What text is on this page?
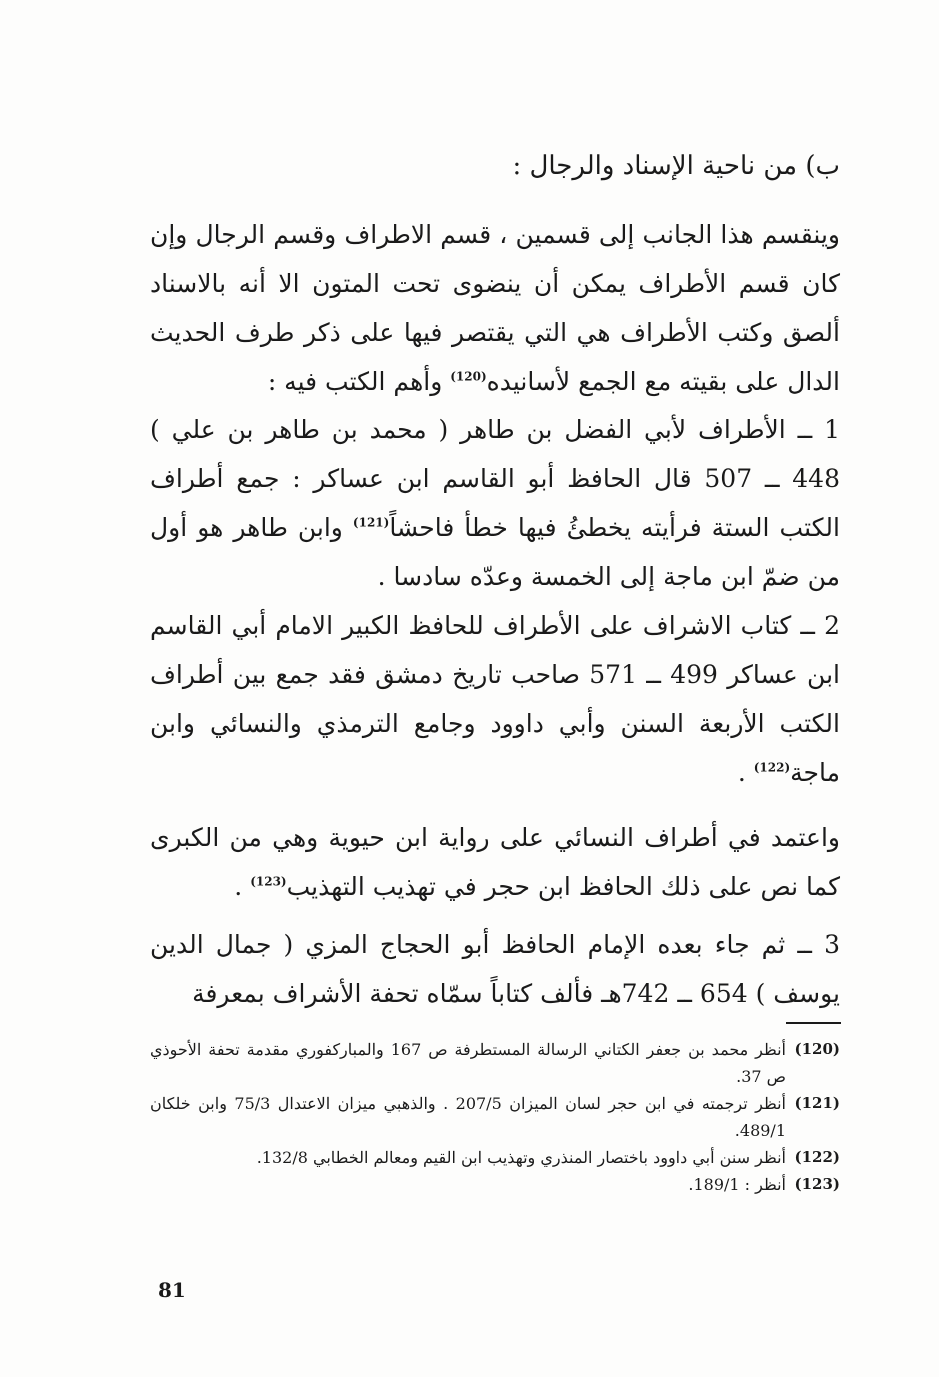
ب) من ناحية الإسناد والرجال :

وينقسم هذا الجانب إلى قسمين ، قسم الاطراف وقسم الرجال وإن كان قسم الأطراف يمكن أن ينضوى تحت المتون الا أنه بالاسناد ألصق وكتب الأطراف هي التي يقتصر فيها على ذكر طرف الحديث الدال على بقيته مع الجمع لأسانيده$^{(120)}$ وأهم الكتب فيه :

1 ــ الأطراف لأبي الفضل بن طاهر ( محمد بن طاهر بن علي ) 448 ــ 507 قال الحافظ أبو القاسم ابن عساكر : جمع أطراف الكتب الستة فرأيته يخطئُ فيها خطأ فاحشاً$^{(121)}$ وابن طاهر هو أول من ضمّ ابن ماجة إلى الخمسة وعدّه سادسا .

2 ــ كتاب الاشراف على الأطراف للحافظ الكبير الامام أبي القاسم ابن عساكر 499 ــ 571 صاحب تاريخ دمشق فقد جمع بين أطراف الكتب الأربعة السنن وأبي داوود وجامع الترمذي والنسائي وابن ماجة$^{(122)}$ .

واعتمد في أطراف النسائي على رواية ابن حيوية وهي من الكبرى كما نص على ذلك الحافظ ابن حجر في تهذيب التهذيب$^{(123)}$ .

3 ــ ثم جاء بعده الإمام الحافظ أبو الحجاج المزي ( جمال الدين يوسف ) 654 ــ 742هـ فألف كتاباً سمّاه تحفة الأشراف بمعرفة

(120)
أنظر محمد بن جعفر الكتاني الرسالة المستطرفة ص 167 والمباركفوري مقدمة تحفة الأحوذي ص 37.
(121)
أنظر ترجمته في ابن حجر لسان الميزان 207/5 . والذهبي ميزان الاعتدال 75/3 وابن خلكان 489/1.
(122)
أنظر سنن أبي داوود باختصار المنذري وتهذيب ابن القيم ومعالم الخطابي 132/8.
(123)
أنظر : 189/1.
81
